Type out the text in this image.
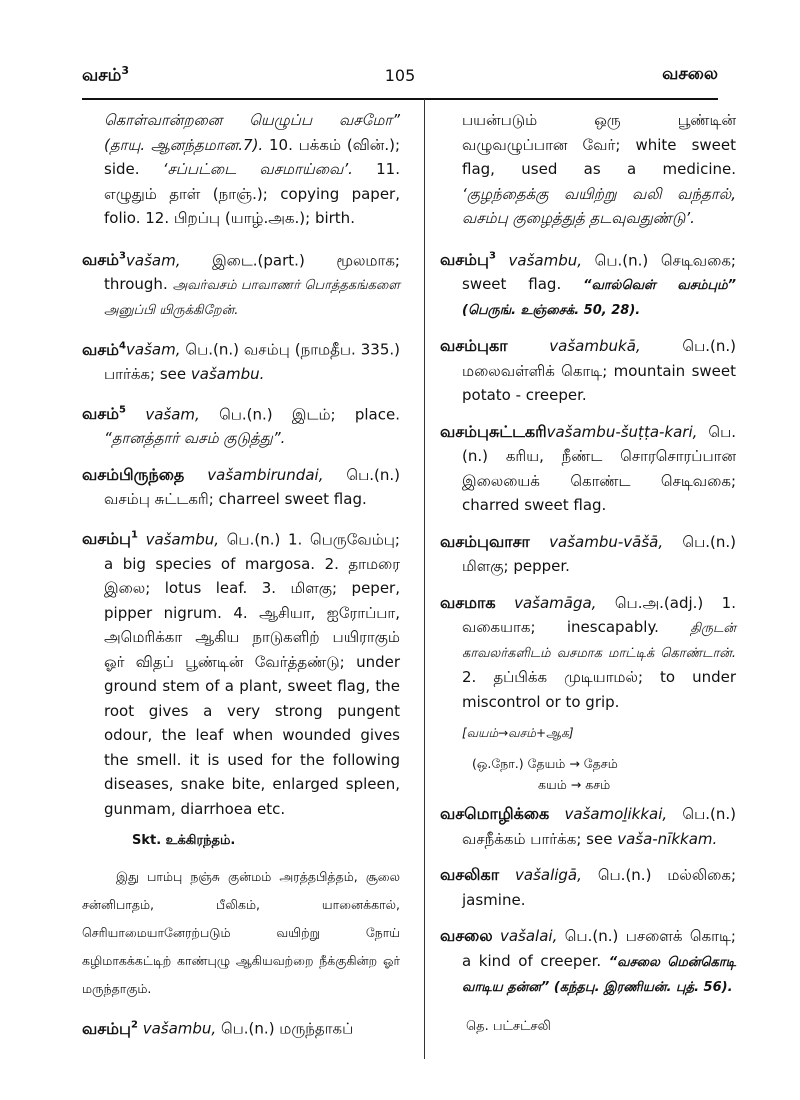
வசம்$^3$	105	வசலை

கொள்வான்றனை யெழுப்ப வசமோ” (தாயு. ஆனந்தமான.7). 10. பக்கம் (வின்.); side. ‘சப்பட்டை வசமாய்வை’. 11. எழுதும் தாள் (நாஞ்.); copying paper, folio. 12. பிறப்பு (யாழ்.அக.); birth.

வசம்$^3$vašam, இடை.(part.) மூலமாக; through. அவர்வசம் பாவாணர் பொத்தகங்களை அனுப்பி யிருக்கிறேன்.

வசம்$^4$vašam, பெ.(n.) வசம்பு (நாமதீப. 335.) பார்க்க; see vašambu.

வசம்$^5$ vašam, பெ.(n.) இடம்; place. “தானத்தார் வசம் குடுத்து”.

வசம்பிருந்தை vašambirundai, பெ.(n.) வசம்பு சுட்டகரி; charreel sweet flag.

வசம்பு$^1$ vašambu, பெ.(n.) 1. பெருவேம்பு; a big species of margosa. 2. தாமரை இலை; lotus leaf. 3. மிளகு; peper, pipper nigrum. 4. ஆசியா, ஐரோப்பா, அமெரிக்கா ஆகிய நாடுகளிற் பயிராகும் ஓர் விதப் பூண்டின் வேர்த்தண்டு; under ground stem of a plant, sweet flag, the root gives a very strong pungent odour, the leaf when wounded gives the smell. it is used for the following diseases, snake bite, enlarged spleen, gunmam, diarrhoea etc.

Skt. உக்கிரந்தம்.

இது பாம்பு நஞ்சு குன்மம் அரத்தபித்தம், சூலை சன்னிபாதம், பீலிகம், யானைக்கால், செரியாமையானேரற்படும் வயிற்று நோய் கழிமாகக்கட்டிற் காண்புழு ஆகியவற்றை நீக்குகின்ற ஓர் மருந்தாகும்.

வசம்பு$^2$ vašambu, பெ.(n.) மருந்தாகப்

பயன்படும் ஒரு பூண்டின் வழுவழுப்பான வேர்; white sweet flag, used as a medicine. ‘குழந்தைக்கு வயிற்று வலி வந்தால், வசம்பு குழைத்துத் தடவுவதுண்டு’.

வசம்பு$^3$ vašambu, பெ.(n.) செடிவகை; sweet flag. “வால்வெள் வசம்பும்” (பெருங். உஞ்சைக். 50, 28).

வசம்புகா	vašambukā, பெ.(n.) மலைவள்ளிக் கொடி; mountain sweet potato - creeper.

வசம்புசுட்டகரிvašambu-šuṭṭa-kari, பெ.(n.) கரிய, நீண்ட சொரசொரப்பான இலையைக் கொண்ட செடிவகை; charred sweet flag.

வசம்புவாசா vašambu-vāšā, பெ.(n.) மிளகு; pepper.

வசமாக vašamāga, பெ.அ.(adj.) 1. வகையாக; inescapably. திருடன் காவலர்களிடம் வசமாக மாட்டிக் கொண்டான். 2. தப்பிக்க முடியாமல்; to under miscontrol or to grip.

[வயம்→வசம்+ஆக]
(ஒ.நோ.) தேயம் → தேசம்
கயம் → கசம்

வசமொழிக்கை vašamoḻikkai, பெ.(n.) வசநீக்கம் பார்க்க; see vaša-nīkkam.

வசலிகா vašaligā, பெ.(n.) மல்லிகை; jasmine.

வசலை vašalai, பெ.(n.) பசளைக் கொடி; a kind of creeper. “வசலை மென்கொடி வாடிய தன்ன” (கந்தபு. இரணியன். புத். 56).

தெ. பட்சட்சலி
